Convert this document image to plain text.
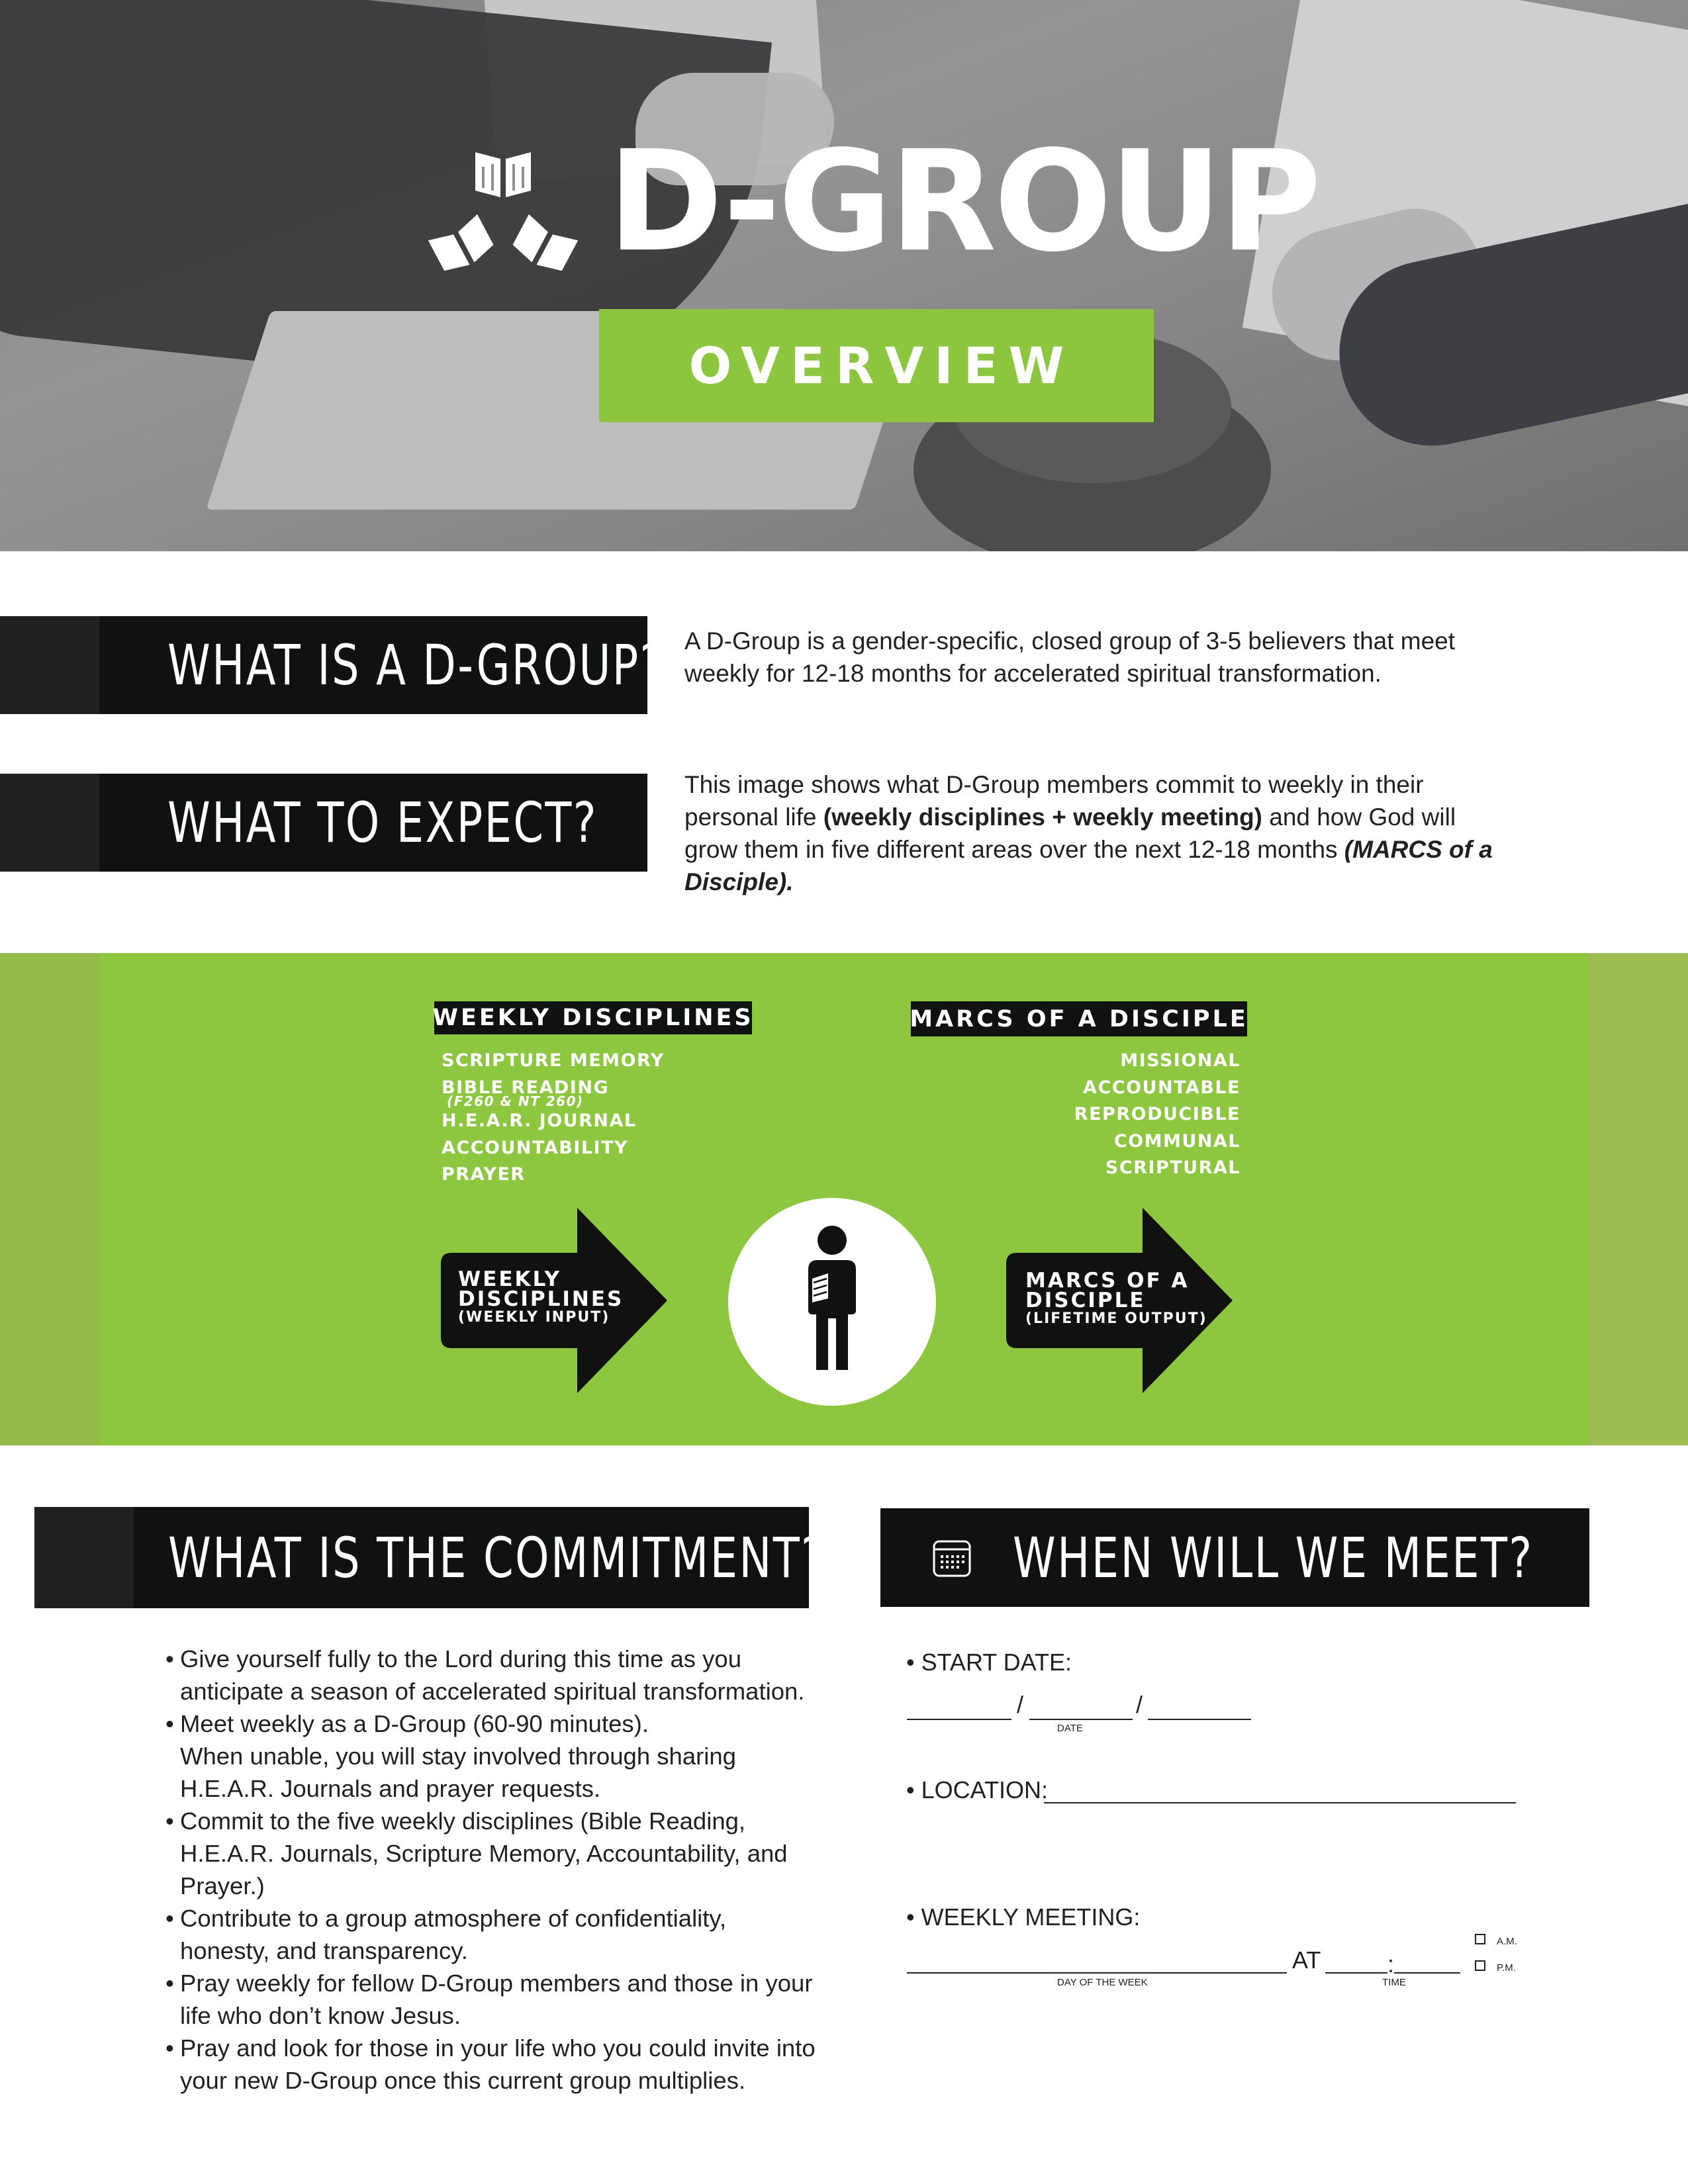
D-GROUP
OVERVIEW
WHAT IS A D-GROUP? A D-Group is a gender-specific, closed group of 3-5 believers that meet weekly for 12-18 months for accelerated spiritual transformation.
WHAT TO EXPECT?
This image shows what D-Group members commit to weekly in their personal life (weekly disciplines + weekly meeting) and how God will grow them in five different areas over the next 12-18 months (MARCS of a Disciple).
WEEKLY DISCIPLINES	MARCS OF A DISCIPLE
SCRIPTURE MEMORY
BIBLE READING
(F260 & NT 260)
H.E.A.R. JOURNAL
ACCOUNTABILITY
PRAYER
MISSIONAL
ACCOUNTABLE
REPRODUCIBLE
COMMUNAL
SCRIPTURAL
WEEKLY
DISCIPLINES
(WEEKLY INPUT)
MARCS OF A
DISCIPLE
(LIFETIME OUTPUT)
WHAT IS THE COMMITMENT?
• Give yourself fully to the Lord during this time as you
anticipate a season of accelerated spiritual transformation.
• Meet weekly as a D-Group (60-90 minutes).
When unable, you will stay involved through sharing
H.E.A.R. Journals and prayer requests.
• Commit to the five weekly disciplines (Bible Reading,
H.E.A.R. Journals, Scripture Memory, Accountability, and
Prayer.)
• Contribute to a group atmosphere of confidentiality,
honesty, and transparency.
• Pray weekly for fellow D-Group members and those in your
life who don’t know Jesus.
• Pray and look for those in your life who you could invite into
your new D-Group once this current group multiplies.
WHEN WILL WE MEET?
• START DATE:
/	/
DATE
• LOCATION:
• WEEKLY MEETING:
DAY OF THE WEEK
AT	:
TIME
A.M.
P.M.
